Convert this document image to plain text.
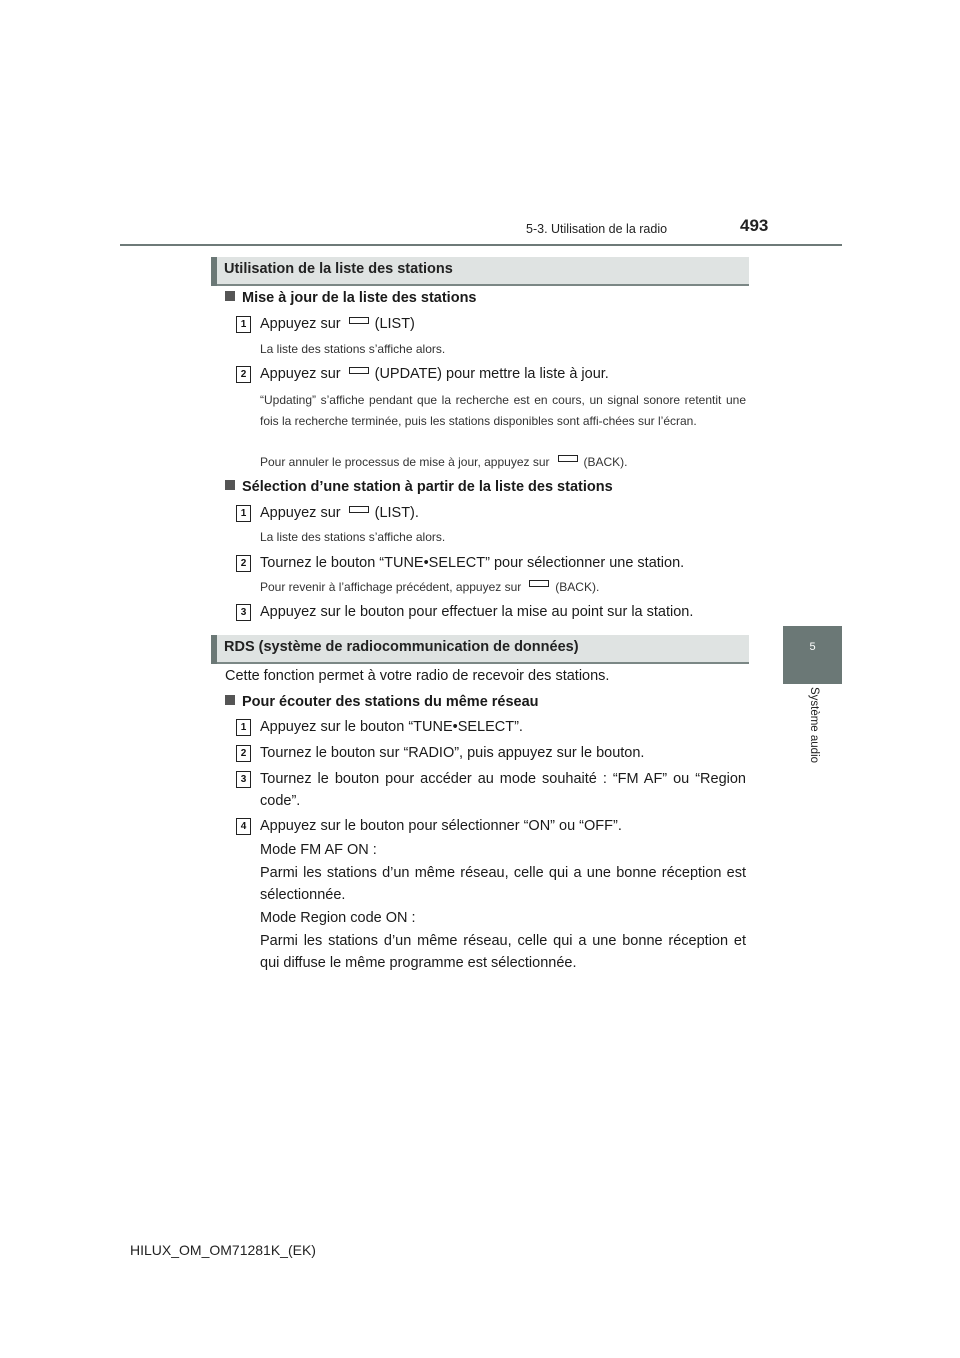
5-3. Utilisation de la radio	493
5
Système audio
Utilisation de la liste des stations
Mise à jour de la liste des stations
1 Appuyez sur (LIST)
La liste des stations s’affiche alors.
2 Appuyez sur (UPDATE) pour mettre la liste à jour.
“Updating” s’affiche pendant que la recherche est en cours, un signal sonore retentit une fois la recherche terminée, puis les stations disponibles sont affi-chées sur l’écran.
Pour annuler le processus de mise à jour, appuyez sur	(BACK).
Sélection d’une station à partir de la liste des stations
1 Appuyez sur (LIST).
La liste des stations s’affiche alors.
2 Tournez le bouton “TUNE•SELECT” pour sélectionner une station.
Pour revenir à l’affichage précédent, appuyez sur	(BACK).
3 Appuyez sur le bouton pour effectuer la mise au point sur la station.
RDS (système de radiocommunication de données)
Cette fonction permet à votre radio de recevoir des stations.
Pour écouter des stations du même réseau
1 Appuyez sur le bouton “TUNE•SELECT”.
2 Tournez le bouton sur “RADIO”, puis appuyez sur le bouton.
3 Tournez le bouton pour accéder au mode souhaité : “FM AF” ou “Region code”.
4 Appuyez sur le bouton pour sélectionner “ON” ou “OFF”.
Mode FM AF ON :
Parmi les stations d’un même réseau, celle qui a une bonne réception est sélectionnée.
Mode Region code ON :
Parmi les stations d’un même réseau, celle qui a une bonne réception et qui diffuse le même programme est sélectionnée.
HILUX_OM_OM71281K_(EK)
